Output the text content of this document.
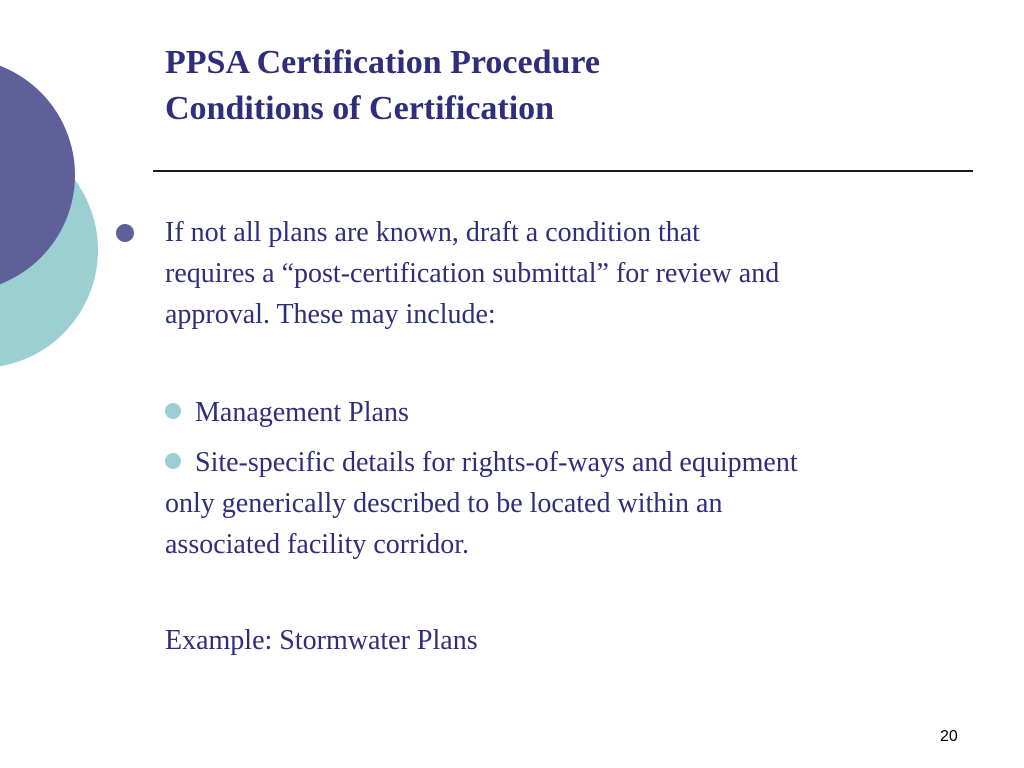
PPSA Certification Procedure
Conditions of Certification
If not all plans are known, draft a condition that
requires a “post-certification submittal” for review and
approval. These may include:
Management Plans
Site-specific details for rights-of-ways and equipment
only generically described to be located within an
associated facility corridor.
Example: Stormwater Plans
20
